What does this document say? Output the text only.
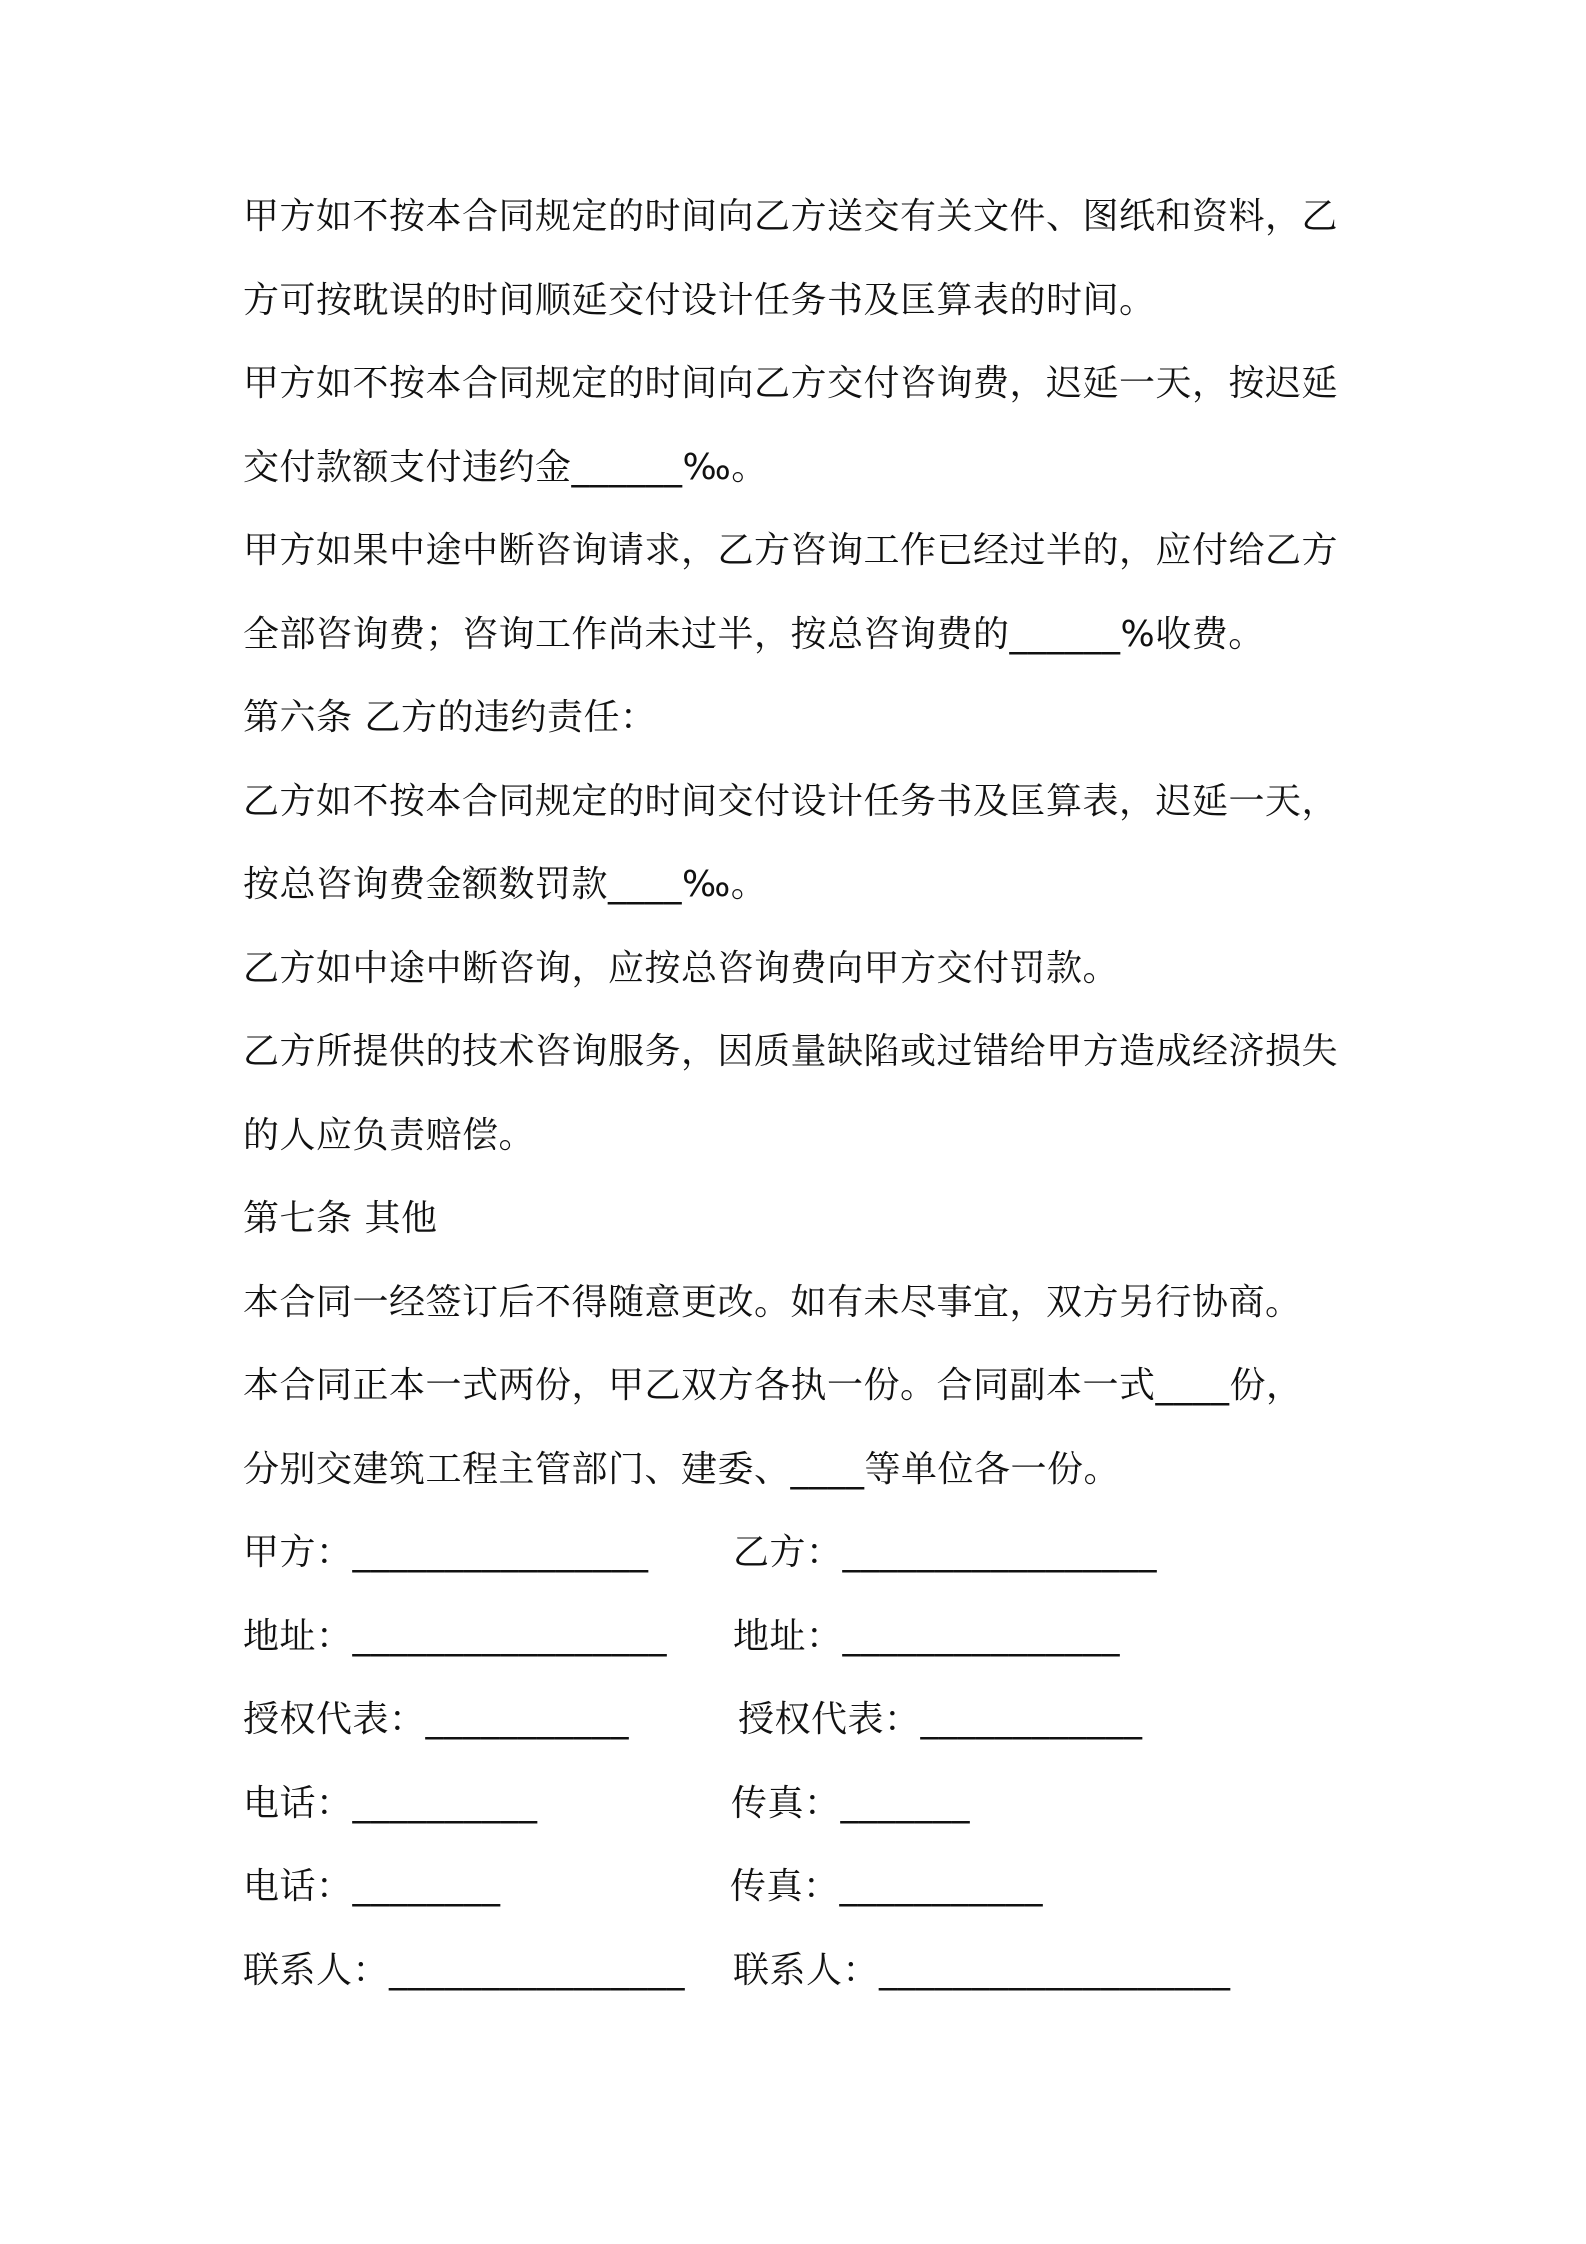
甲方如不按本合同规定的时间向乙方送交有关文件、图纸和资料，乙
方可按耽误的时间顺延交付设计任务书及匡算表的时间。
甲方如不按本合同规定的时间向乙方交付咨询费，迟延一天，按迟延
交付款额支付违约金______‰。
甲方如果中途中断咨询请求，乙方咨询工作已经过半的，应付给乙方
全部咨询费；咨询工作尚未过半，按总咨询费的______%收费。
第六条 乙方的违约责任：
乙方如不按本合同规定的时间交付设计任务书及匡算表，迟延一天，
按总咨询费金额数罚款____‰。
乙方如中途中断咨询，应按总咨询费向甲方交付罚款。
乙方所提供的技术咨询服务，因质量缺陷或过错给甲方造成经济损失
的人应负责赔偿。
第七条 其他
本合同一经签订后不得随意更改。如有未尽事宜，双方另行协商。
本合同正本一式两份，甲乙双方各执一份。合同副本一式____份，
分别交建筑工程主管部门、建委、____等单位各一份。
甲方：________________ 乙方：_________________
地址：_________________ 地址：_______________
授权代表：___________	授权代表：____________
电话：__________	传真：_______
电话：________	传真：___________
联系人：________________ 联系人：___________________
